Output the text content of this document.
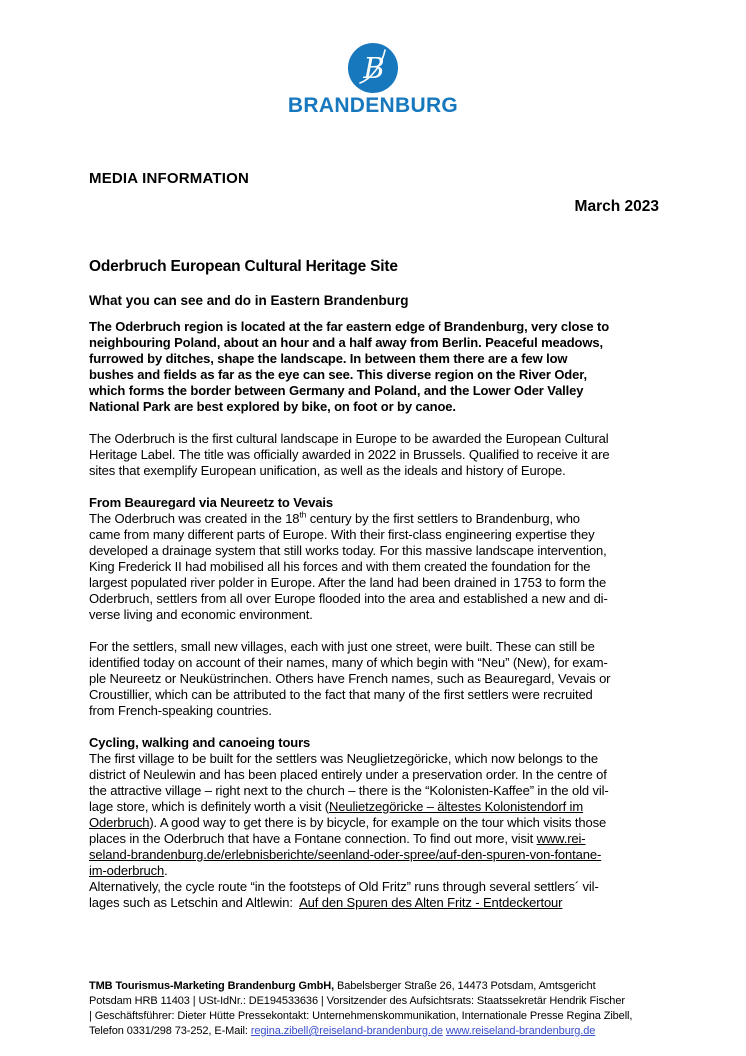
B
BRANDENBURG
MEDIA INFORMATION
March 2023
Oderbruch European Cultural Heritage Site
What you can see and do in Eastern Brandenburg

The Oderbruch region is located at the far eastern edge of Brandenburg, very close to
neighbouring Poland, about an hour and a half away from Berlin. Peaceful meadows,
furrowed by ditches, shape the landscape. In between them there are a few low
bushes and fields as far as the eye can see. This diverse region on the River Oder,
which forms the border between Germany and Poland, and the Lower Oder Valley
National Park are best explored by bike, on foot or by canoe.

The Oderbruch is the first cultural landscape in Europe to be awarded the European Cultural
Heritage Label. The title was officially awarded in 2022 in Brussels. Qualified to receive it are
sites that exemplify European unification, as well as the ideals and history of Europe.

From Beauregard via Neureetz to Vevais

The Oderbruch was created in the 18th century by the first settlers to Brandenburg, who
came from many different parts of Europe. With their first-class engineering expertise they
developed a drainage system that still works today. For this massive landscape intervention,
King Frederick II had mobilised all his forces and with them created the foundation for the
largest populated river polder in Europe. After the land had been drained in 1753 to form the
Oderbruch, settlers from all over Europe flooded into the area and established a new and di-
verse living and economic environment.

For the settlers, small new villages, each with just one street, were built. These can still be
identified today on account of their names, many of which begin with “Neu” (New), for exam-
ple Neureetz or Neuküstrinchen. Others have French names, such as Beauregard, Vevais or
Croustillier, which can be attributed to the fact that many of the first settlers were recruited
from French-speaking countries.

Cycling, walking and canoeing tours

The first village to be built for the settlers was Neuglietzegöricke, which now belongs to the
district of Neulewin and has been placed entirely under a preservation order. In the centre of
the attractive village – right next to the church – there is the “Kolonisten-Kaffee” in the old vil-
lage store, which is definitely worth a visit (Neulietzegöricke – ältestes Kolonistendorf im
Oderbruch). A good way to get there is by bicycle, for example on the tour which visits those
places in the Oderbruch that have a Fontane connection. To find out more, visit www.rei-
seland-brandenburg.de/erlebnisberichte/seenland-oder-spree/auf-den-spuren-von-fontane-
im-oderbruch.
Alternatively, the cycle route “in the footsteps of Old Fritz” runs through several settlers´ vil-
lages such as Letschin and Altlewin:  Auf den Spuren des Alten Fritz - Entdeckertour

TMB Tourismus-Marketing Brandenburg GmbH, Babelsberger Straße 26, 14473 Potsdam, Amtsgericht
Potsdam HRB 11403 | USt-IdNr.: DE194533636 | Vorsitzender des Aufsichtsrats: Staatssekretär Hendrik Fischer
| Geschäftsführer: Dieter Hütte Pressekontakt: Unternehmenskommunikation, Internationale Presse Regina Zibell,
Telefon 0331/298 73-252, E-Mail: regina.zibell@reiseland-brandenburg.de www.reiseland-brandenburg.de
